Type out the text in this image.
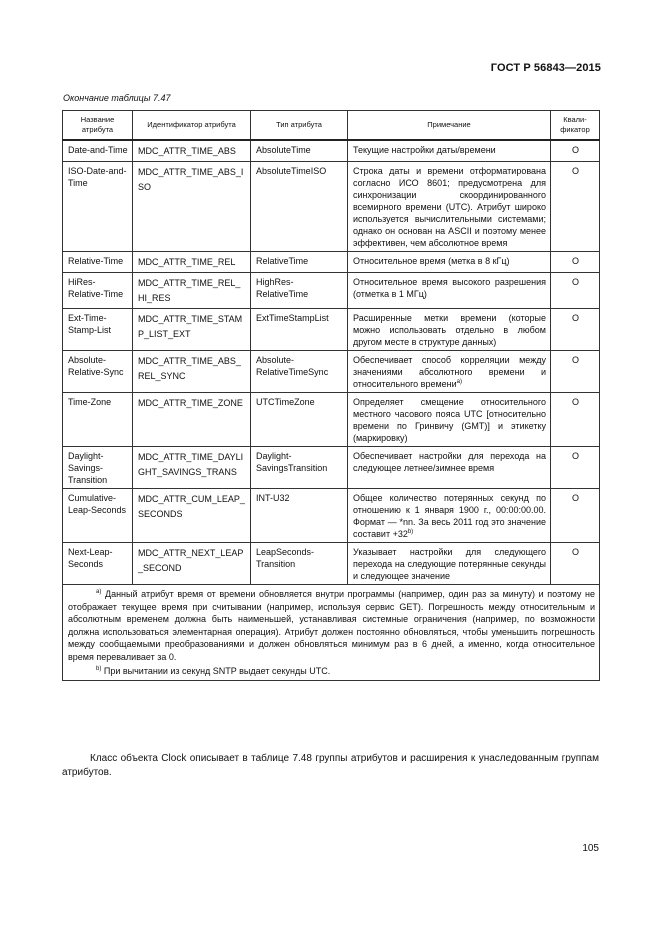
ГОСТ Р 56843—2015
Окончание таблицы 7.47
Название атрибута	Идентификатор атрибута	Тип атрибута	Примечание	Квали-фикатор
Date-and-Time	MDC_ATTR_TIME_ABS	AbsoluteTime	Текущие настройки даты/времени	O
ISO-Date-and-Time	MDC_ATTR_TIME_ABS_ISO	AbsoluteTimeISO	Строка даты и времени отформатирована согласно ИСО 8601; предусмотрена для синхронизации скоординированного всемирного времени (UTC). Атрибут широко используется вычислительными системами; однако он основан на ASCII и поэтому менее эффективен, чем абсолютное время	O
Relative-Time	MDC_ATTR_TIME_REL	RelativeTime	Относительное время (метка в 8 кГц)	O
HiRes-Relative-Time	MDC_ATTR_TIME_REL_HI_RES	HighRes-RelativeTime	Относительное время высокого разрешения (отметка в 1 МГц)	O
Ext-Time-Stamp-List	MDC_ATTR_TIME_STAMP_LIST_EXT	ExtTimeStampList	Расширенные метки времени (которые можно использовать отдельно в любом другом месте в структуре данных)	O
Absolute-Relative-Sync	MDC_ATTR_TIME_ABS_REL_SYNC	Absolute-RelativeTimeSync	Обеспечивает способ корреляции между значениями абсолютного времени и относительного времени$^{а)}$	O
Time-Zone	MDC_ATTR_TIME_ZONE	UTCTimeZone	Определяет смещение относительного местного часового пояса UTC [относительно времени по Гринвичу (GMT)] и этикетку (маркировку)	O
Daylight-Savings-Transition	MDC_ATTR_TIME_DAYLIGHT_SAVINGS_TRANS	Daylight-SavingsTransition	Обеспечивает настройки для перехода на следующее летнее/зимнее время	O
Cumulative-Leap-Seconds	MDC_ATTR_CUM_LEAP_SECONDS	INT-U32	Общее количество потерянных секунд по отношению к 1 января 1900 г., 00:00:00.00. Формат — *nn. За весь 2011 год это значение составит $+32^{b)}$	O
Next-Leap-Seconds	MDC_ATTR_NEXT_LEAP_SECOND	LeapSeconds-Transition	Указывает настройки для следующего перехода на следующие потерянные секунды и следующее значение	O

$^{а)}$ Данный атрибут время от времени обновляется внутри программы (например, один раз за минуту) и поэтому не отображает текущее время при считывании (например, используя сервис GET). Погрешность между относительным и абсолютным временем должна быть наименьшей, устанавливая системные ограничения (например, по возможности должна использоваться элементарная операция). Атрибут должен постоянно обновляться, чтобы уменьшить погрешность между сообщаемыми преобразованиями и должен обновляться минимум раз в 6 дней, а именно, когда относительное время переваливает за 0.
$^{b)}$ При вычитании из секунд SNTP выдает секунды UTC.				
Класс объекта Clock описывает в таблице 7.48 группы атрибутов и расширения к унаследованным группам атрибутов.
105
